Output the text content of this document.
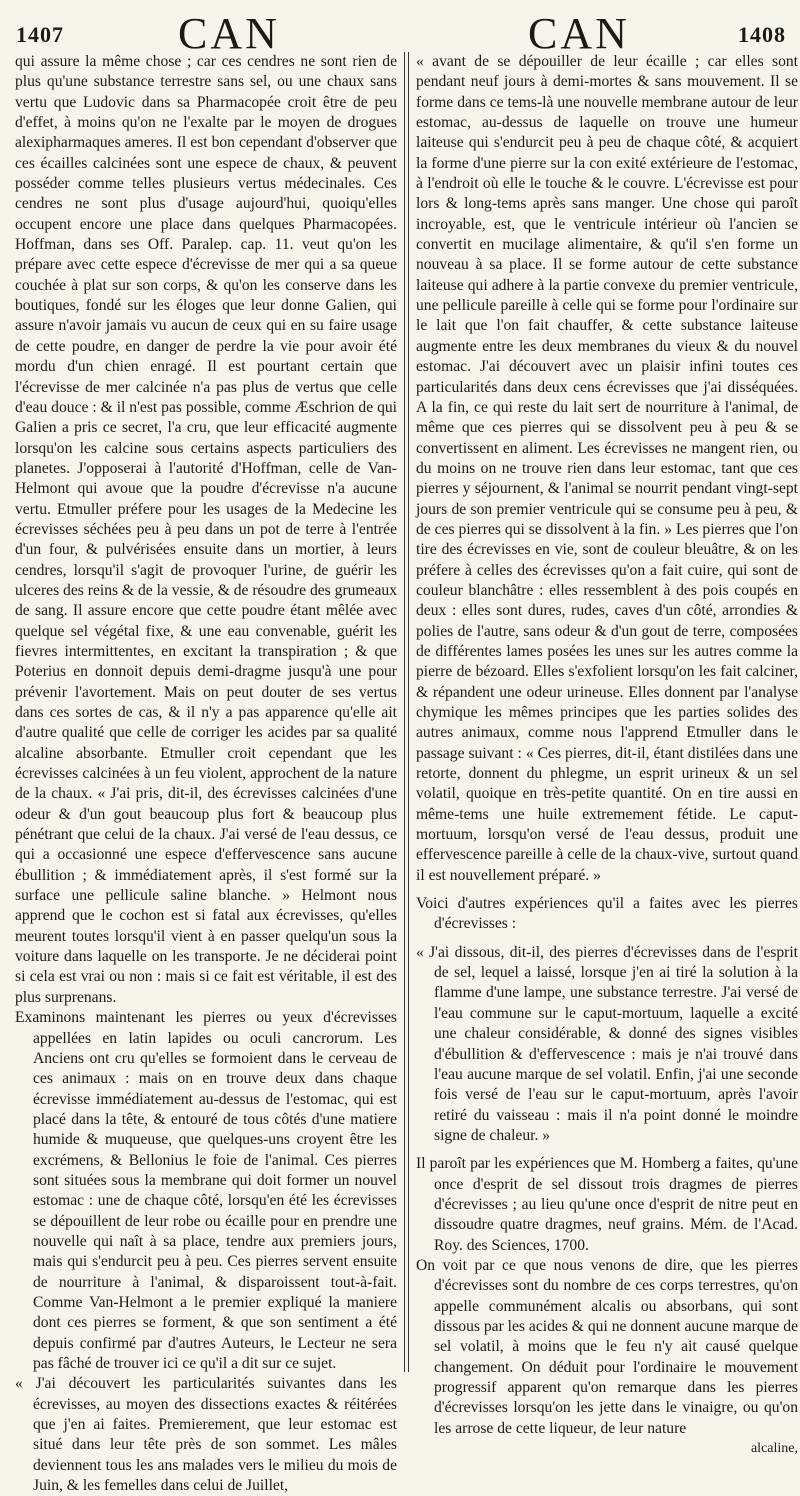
1407	CAN	CAN	1408

qui assure la même chose ; car ces cendres ne sont rien de plus qu'une substance terrestre sans sel, ou une chaux sans vertu que Ludovic dans sa Pharmacopée croit être de peu d'effet, à moins qu'on ne l'exalte par le moyen de drogues alexipharmaques ameres. Il est bon cependant d'observer que ces écailles calcinées sont une espece de chaux, & peuvent posséder comme telles plusieurs vertus médecinales. Ces cendres ne sont plus d'usage aujourd'hui, quoiqu'elles occupent encore une place dans quelques Pharmacopées. Hoffman, dans ses Off. Paralep. cap. 11. veut qu'on les prépare avec cette espece d'écrevisse de mer qui a sa queue couchée à plat sur son corps, & qu'on les conserve dans les boutiques, fondé sur les éloges que leur donne Galien, qui assure n'avoir jamais vu aucun de ceux qui en su faire usage de cette poudre, en danger de perdre la vie pour avoir été mordu d'un chien enragé. Il est pourtant certain que l'écrevisse de mer calcinée n'a pas plus de vertus que celle d'eau douce : & il n'est pas possible, comme Æschrion de qui Galien a pris ce secret, l'a cru, que leur efficacité augmente lorsqu'on les calcine sous certains aspects particuliers des planetes. J'opposerai à l'autorité d'Hoffman, celle de Van-Helmont qui avoue que la poudre d'écrevisse n'a aucune vertu. Etmuller préfere pour les usages de la Medecine les écrevisses séchées peu à peu dans un pot de terre à l'entrée d'un four, & pulvérisées ensuite dans un mortier, à leurs cendres, lorsqu'il s'agit de provoquer l'urine, de guérir les ulceres des reins & de la vessie, & de résoudre des grumeaux de sang. Il assure encore que cette poudre étant mêlée avec quelque sel végétal fixe, & une eau convenable, guérit les fievres intermittentes, en excitant la transpiration ; & que Poterius en donnoit depuis demi-dragme jusqu'à une pour prévenir l'avortement. Mais on peut douter de ses vertus dans ces sortes de cas, & il n'y a pas apparence qu'elle ait d'autre qualité que celle de corriger les acides par sa qualité alcaline absorbante. Etmuller croit cependant que les écrevisses calcinées à un feu violent, approchent de la nature de la chaux. « J'ai pris, dit-il, des écrevisses calcinées d'une odeur & d'un gout beaucoup plus fort & beaucoup plus pénétrant que celui de la chaux. J'ai versé de l'eau dessus, ce qui a occasionné une espece d'effervescence sans aucune ébullition ; & immédiatement après, il s'est formé sur la surface une pellicule saline blanche. » Helmont nous apprend que le cochon est si fatal aux écrevisses, qu'elles meurent toutes lorsqu'il vient à en passer quelqu'un sous la voiture dans laquelle on les transporte. Je ne déciderai point si cela est vrai ou non : mais si ce fait est véritable, il est des plus surprenans.

Examinons maintenant les pierres ou yeux d'écrevisses appellées en latin lapides ou oculi cancrorum. Les Anciens ont cru qu'elles se formoient dans le cerveau de ces animaux : mais on en trouve deux dans chaque écrevisse immédiatement au-dessus de l'estomac, qui est placé dans la tête, & entouré de tous côtés d'une matiere humide & muqueuse, que quelques-uns croyent être les excrémens, & Bellonius le foie de l'animal. Ces pierres sont situées sous la membrane qui doit former un nouvel estomac : une de chaque côté, lorsqu'en été les écrevisses se dépouillent de leur robe ou écaille pour en prendre une nouvelle qui naît à sa place, tendre aux premiers jours, mais qui s'endurcit peu à peu. Ces pierres servent ensuite de nourriture à l'animal, & disparoissent tout-à-fait. Comme Van-Helmont a le premier expliqué la maniere dont ces pierres se forment, & que son sentiment a été depuis confirmé par d'autres Auteurs, le Lecteur ne sera pas fâché de trouver ici ce qu'il a dit sur ce sujet.

« J'ai découvert les particularités suivantes dans les écrevisses, au moyen des dissections exactes & réitérées que j'en ai faites. Premierement, que leur estomac est situé dans leur tête près de son sommet. Les mâles deviennent tous les ans malades vers le milieu du mois de Juin, & les femelles dans celui de Juillet,

« avant de se dépouiller de leur écaille ; car elles sont pendant neuf jours à demi-mortes & sans mouvement. Il se forme dans ce tems-là une nouvelle membrane autour de leur estomac, au-dessus de laquelle on trouve une humeur laiteuse qui s'endurcit peu à peu de chaque côté, & acquiert la forme d'une pierre sur la con exité extérieure de l'estomac, à l'endroit où elle le touche & le couvre. L'écrevisse est pour lors & long-tems après sans manger. Une chose qui paroît incroyable, est, que le ventricule intérieur où l'ancien se convertit en mucilage alimentaire, & qu'il s'en forme un nouveau à sa place. Il se forme autour de cette substance laiteuse qui adhere à la partie convexe du premier ventricule, une pellicule pareille à celle qui se forme pour l'ordinaire sur le lait que l'on fait chauffer, & cette substance laiteuse augmente entre les deux membranes du vieux & du nouvel estomac. J'ai découvert avec un plaisir infini toutes ces particularités dans deux cens écrevisses que j'ai disséquées. A la fin, ce qui reste du lait sert de nourriture à l'animal, de même que ces pierres qui se dissolvent peu à peu & se convertissent en aliment. Les écrevisses ne mangent rien, ou du moins on ne trouve rien dans leur estomac, tant que ces pierres y séjournent, & l'animal se nourrit pendant vingt-sept jours de son premier ventricule qui se consume peu à peu, & de ces pierres qui se dissolvent à la fin. » Les pierres que l'on tire des écrevisses en vie, sont de couleur bleuâtre, & on les préfere à celles des écrevisses qu'on a fait cuire, qui sont de couleur blanchâtre : elles ressemblent à des pois coupés en deux : elles sont dures, rudes, caves d'un côté, arrondies & polies de l'autre, sans odeur & d'un gout de terre, composées de différentes lames posées les unes sur les autres comme la pierre de bézoard. Elles s'exfolient lorsqu'on les fait calciner, & répandent une odeur urineuse. Elles donnent par l'analyse chymique les mêmes principes que les parties solides des autres animaux, comme nous l'apprend Etmuller dans le passage suivant : « Ces pierres, dit-il, étant distilées dans une retorte, donnent du phlegme, un esprit urineux & un sel volatil, quoique en très-petite quantité. On en tire aussi en même-tems une huile extremement fétide. Le caput-mortuum, lorsqu'on versé de l'eau dessus, produit une effervescence pareille à celle de la chaux-vive, surtout quand il est nouvellement préparé. »

Voici d'autres expériences qu'il a faites avec les pierres d'écrevisses :

« J'ai dissous, dit-il, des pierres d'écrevisses dans de l'esprit de sel, lequel a laissé, lorsque j'en ai tiré la solution à la flamme d'une lampe, une substance terrestre. J'ai versé de l'eau commune sur le caput-mortuum, laquelle a excité une chaleur considérable, & donné des signes visibles d'ébullition & d'effervescence : mais je n'ai trouvé dans l'eau aucune marque de sel volatil. Enfin, j'ai une seconde fois versé de l'eau sur le caput-mortuum, après l'avoir retiré du vaisseau : mais il n'a point donné le moindre signe de chaleur. »

Il paroît par les expériences que M. Homberg a faites, qu'une once d'esprit de sel dissout trois dragmes de pierres d'écrevisses ; au lieu qu'une once d'esprit de nitre peut en dissoudre quatre dragmes, neuf grains. Mém. de l'Acad. Roy. des Sciences, 1700.

On voit par ce que nous venons de dire, que les pierres d'écrevisses sont du nombre de ces corps terrestres, qu'on appelle communément alcalis ou absorbans, qui sont dissous par les acides & qui ne donnent aucune marque de sel volatil, à moins que le feu n'y ait causé quelque changement. On déduit pour l'ordinaire le mouvement progressif apparent qu'on remarque dans les pierres d'écrevisses lorsqu'on les jette dans le vinaigre, ou qu'on les arrose de cette liqueur, de leur nature

alcaline,
